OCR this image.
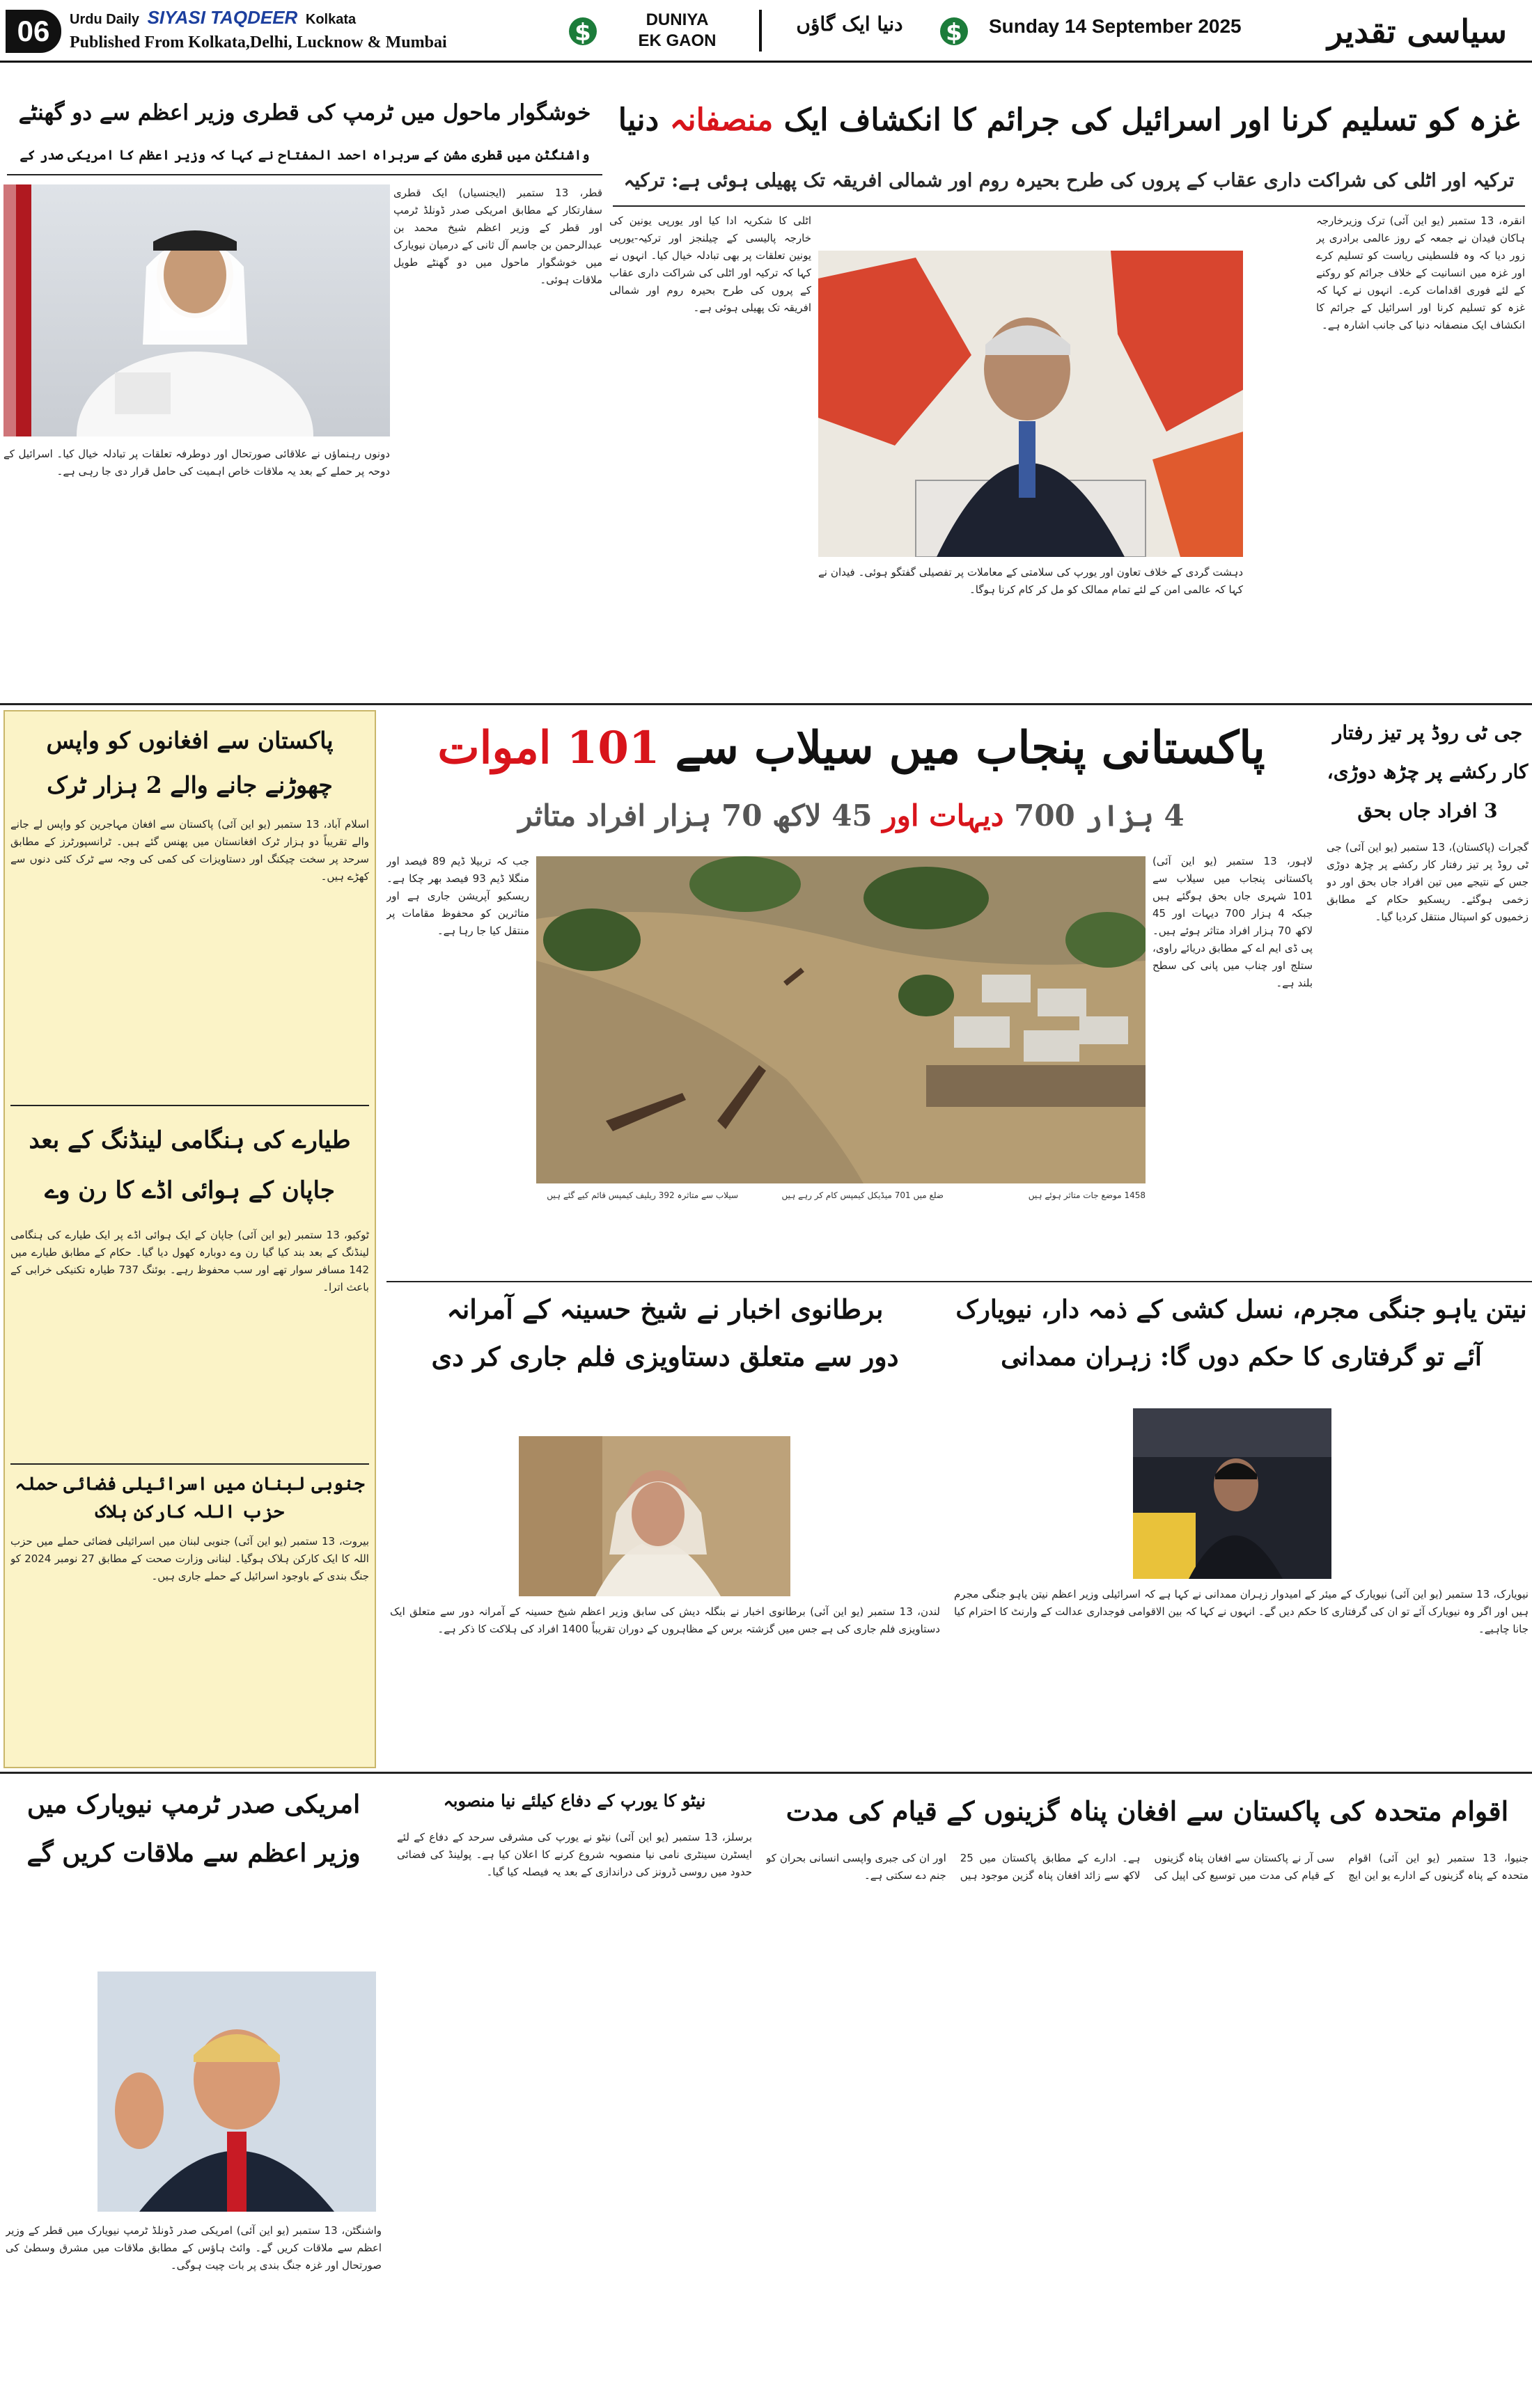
06	Urdu Daily SIYASI TAQDEER Kolkata
Published From Kolkata,Delhi, Lucknow & Mumbai	$	DUNIYA EK GAON
دنیا ایک گاؤں	$ Sunday 14 September 2025	سیاسی تقدیر
خوشگوار ماحول میں ٹرمپ کی قطری وزیر اعظم سے دو گھنٹے
واشنگٹن میں قطری مشن کے سربراہ احمد المفتاح نے کہا کہ وزیر اعظم کا امریکی صدر کے
قطر، 13 ستمبر (ایجنسیاں) ایک قطری سفارتکار کے مطابق امریکی صدر ڈونلڈ ٹرمپ اور قطر کے وزیر اعظم شیخ محمد بن عبدالرحمن بن جاسم آل ثانی کے درمیان نیویارک میں خوشگوار ماحول میں دو گھنٹے طویل ملاقات ہوئی۔
دونوں رہنماؤں نے علاقائی صورتحال اور دوطرفہ تعلقات پر تبادلہ خیال کیا۔ اسرائیل کے دوحہ پر حملے کے بعد یہ ملاقات خاص اہمیت کی حامل قرار دی جا رہی ہے۔
غزہ کو تسلیم کرنا اور اسرائیل کی جرائم کا انکشاف ایک منصفانہ دنیا
ترکیہ اور اٹلی کی شراکت داری عقاب کے پروں کی طرح بحیرہ روم اور شمالی افریقہ تک پھیلی ہوئی ہے: ترکیہ
انقرہ، 13 ستمبر (یو این آئی) ترک وزیرخارجہ ہاکان فیدان نے جمعہ کے روز عالمی برادری پر زور دیا کہ وہ فلسطینی ریاست کو تسلیم کرے اور غزہ میں انسانیت کے خلاف جرائم کو روکنے کے لئے فوری اقدامات کرے۔ انہوں نے کہا کہ غزہ کو تسلیم کرنا اور اسرائیل کے جرائم کا انکشاف ایک منصفانہ دنیا کی جانب اشارہ ہے۔
اٹلی کا شکریہ ادا کیا اور یورپی یونین کی خارجہ پالیسی کے چیلنجز اور ترکیہ-یورپی یونین تعلقات پر بھی تبادلہ خیال کیا۔ انہوں نے کہا کہ ترکیہ اور اٹلی کی شراکت داری عقاب کے پروں کی طرح بحیرہ روم اور شمالی افریقہ تک پھیلی ہوئی ہے۔
دہشت گردی کے خلاف تعاون اور یورپ کی سلامتی کے معاملات پر تفصیلی گفتگو ہوئی۔ فیدان نے کہا کہ عالمی امن کے لئے تمام ممالک کو مل کر کام کرنا ہوگا۔
پاکستان سے افغانوں کو واپس چھوڑنے جانے والے 2 ہزار ٹرک
اسلام آباد، 13 ستمبر (یو این آئی) پاکستان سے افغان مہاجرین کو واپس لے جانے والے تقریباً دو ہزار ٹرک افغانستان میں پھنس گئے ہیں۔ ٹرانسپورٹرز کے مطابق سرحد پر سخت چیکنگ اور دستاویزات کی کمی کی وجہ سے ٹرک کئی دنوں سے کھڑے ہیں۔
طیارے کی ہنگامی لینڈنگ کے بعد جاپان کے ہوائی اڈے کا رن وے
ٹوکیو، 13 ستمبر (یو این آئی) جاپان کے ایک ہوائی اڈے پر ایک طیارے کی ہنگامی لینڈنگ کے بعد بند کیا گیا رن وے دوبارہ کھول دیا گیا۔ حکام کے مطابق طیارے میں 142 مسافر سوار تھے اور سب محفوظ رہے۔ بوئنگ 737 طیارہ تکنیکی خرابی کے باعث اترا۔
جنوبی لبنان میں اسرائیلی فضائی حملہ حزب اللہ کارکن ہلاک
بیروت، 13 ستمبر (یو این آئی) جنوبی لبنان میں اسرائیلی فضائی حملے میں حزب اللہ کا ایک کارکن ہلاک ہوگیا۔ لبنانی وزارت صحت کے مطابق 27 نومبر 2024 کو جنگ بندی کے باوجود اسرائیل کے حملے جاری ہیں۔
پاکستانی پنجاب میں سیلاب سے 101 اموات
4 ہزار 700 دیہات اور 45 لاکھ 70 ہزار افراد متاثر
لاہور، 13 ستمبر (یو این آئی) پاکستانی پنجاب میں سیلاب سے 101 شہری جاں بحق ہوگئے ہیں جبکہ 4 ہزار 700 دیہات اور 45 لاکھ 70 ہزار افراد متاثر ہوئے ہیں۔ پی ڈی ایم اے کے مطابق دریائے راوی، ستلج اور چناب میں پانی کی سطح بلند ہے۔
سیلاب سے متاثرہ 392 ریلیف کیمپس قائم کیے گئے ہیں	ضلع میں 701 میڈیکل کیمپس کام کر رہے ہیں	1458 موضع جات متاثر ہوئے ہیں
جب کہ تربیلا ڈیم 89 فیصد اور منگلا ڈیم 93 فیصد بھر چکا ہے۔ ریسکیو آپریشن جاری ہے اور متاثرین کو محفوظ مقامات پر منتقل کیا جا رہا ہے۔
جی ٹی روڈ پر تیز رفتار کار رکشے پر چڑھ دوڑی، 3 افراد جاں بحق
گجرات (پاکستان)، 13 ستمبر (یو این آئی) جی ٹی روڈ پر تیز رفتار کار رکشے پر چڑھ دوڑی جس کے نتیجے میں تین افراد جاں بحق اور دو زخمی ہوگئے۔ ریسکیو حکام کے مطابق زخمیوں کو اسپتال منتقل کردیا گیا۔
برطانوی اخبار نے شیخ حسینہ کے آمرانہ
دور سے متعلق دستاویزی فلم جاری کر دی
لندن، 13 ستمبر (یو این آئی) برطانوی اخبار نے بنگلہ دیش کی سابق وزیر اعظم شیخ حسینہ کے آمرانہ دور سے متعلق ایک دستاویزی فلم جاری کی ہے جس میں گزشتہ برس کے مظاہروں کے دوران تقریباً 1400 افراد کی ہلاکت کا ذکر ہے۔
نیتن یاہو جنگی مجرم، نسل کشی کے ذمہ دار، نیویارک
آئے تو گرفتاری کا حکم دوں گا: زہران ممدانی
نیویارک، 13 ستمبر (یو این آئی) نیویارک کے میئر کے امیدوار زہران ممدانی نے کہا ہے کہ اسرائیلی وزیر اعظم نیتن یاہو جنگی مجرم ہیں اور اگر وہ نیویارک آئے تو ان کی گرفتاری کا حکم دیں گے۔ انہوں نے کہا کہ بین الاقوامی فوجداری عدالت کے وارنٹ کا احترام کیا جانا چاہیے۔
امریکی صدر ٹرمپ نیویارک میں
وزیر اعظم سے ملاقات کریں گے
واشنگٹن، 13 ستمبر (یو این آئی) امریکی صدر ڈونلڈ ٹرمپ نیویارک میں قطر کے وزیر اعظم سے ملاقات کریں گے۔ وائٹ ہاؤس کے مطابق ملاقات میں مشرق وسطیٰ کی صورتحال اور غزہ جنگ بندی پر بات چیت ہوگی۔
نیٹو کا یورپ کے دفاع کیلئے نیا منصوبہ
برسلز، 13 ستمبر (یو این آئی) نیٹو نے یورپ کی مشرقی سرحد کے دفاع کے لئے ایسٹرن سینٹری نامی نیا منصوبہ شروع کرنے کا اعلان کیا ہے۔ پولینڈ کی فضائی حدود میں روسی ڈرونز کی دراندازی کے بعد یہ فیصلہ کیا گیا۔
اقوام متحدہ کی پاکستان سے افغان پناہ گزینوں کے قیام کی مدت
جنیوا، 13 ستمبر (یو این آئی) اقوام متحدہ کے پناہ گزینوں کے ادارے یو این ایچ سی آر نے پاکستان سے افغان پناہ گزینوں کے قیام کی مدت میں توسیع کی اپیل کی ہے۔ ادارے کے مطابق پاکستان میں 25 لاکھ سے زائد افغان پناہ گزین موجود ہیں اور ان کی جبری واپسی انسانی بحران کو جنم دے سکتی ہے۔
